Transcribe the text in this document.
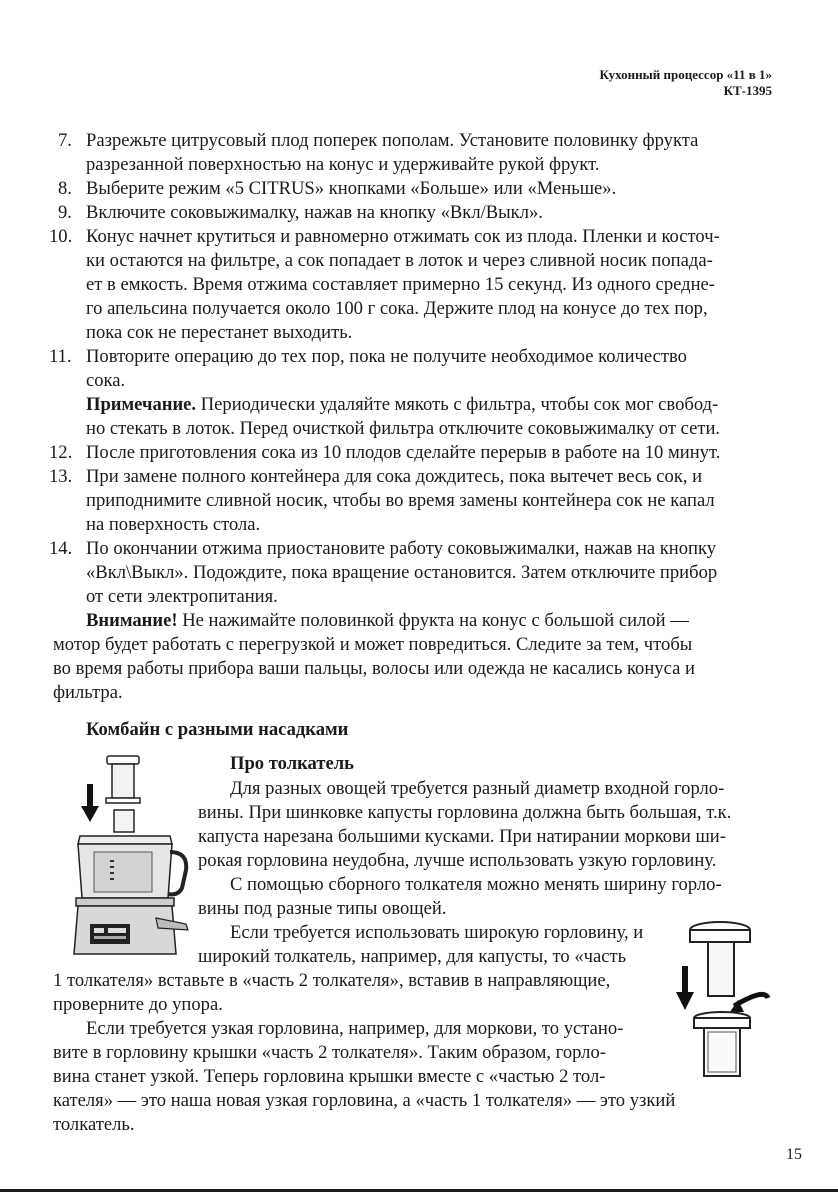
Кухонный процессор «11 в 1»
КТ-1395
7. Разрежьте цитрусовый плод поперек пополам. Установите половинку фрукта
разрезанной поверхностью на конус и удерживайте рукой фрукт.
8. Выберите режим «5 CITRUS» кнопками «Больше» или «Меньше».
9. Включите соковыжималку, нажав на кнопку «Вкл/Выкл».
10. Конус начнет крутиться и равномерно отжимать сок из плода. Пленки и косточ-
ки остаются на фильтре, а сок попадает в лоток и через сливной носик попада-
ет в емкость. Время отжима составляет примерно 15 секунд. Из одного средне-
го апельсина получается около 100 г сока. Держите плод на конусе до тех пор,
пока сок не перестанет выходить.
11. Повторите операцию до тех пор, пока не получите необходимое количество
сока.
Примечание. Периодически удаляйте мякоть с фильтра, чтобы сок мог свобод-
но стекать в лоток. Перед очисткой фильтра отключите соковыжималку от сети.
12. После приготовления сока из 10 плодов сделайте перерыв в работе на 10 минут.
13. При замене полного контейнера для сока дождитесь, пока вытечет весь сок, и
приподнимите сливной носик, чтобы во время замены контейнера сок не капал
на поверхность стола.
14. По окончании отжима приостановите работу соковыжималки, нажав на кнопку
«Вкл\Выкл». Подождите, пока вращение остановится. Затем отключите прибор
от сети электропитания.
Внимание! Не нажимайте половинкой фрукта на конус с большой силой —
мотор будет работать с перегрузкой и может повредиться. Следите за тем, чтобы
во время работы прибора ваши пальцы, волосы или одежда не касались конуса и
фильтра.
Комбайн с разными насадками
Про толкатель
Для разных овощей требуется разный диаметр входной горло-
вины. При шинковке капусты горловина должна быть большая, т.к.
капуста нарезана большими кусками. При натирании моркови ши-
рокая горловина неудобна, лучше использовать узкую горловину.
С помощью сборного толкателя можно менять ширину горло-
вины под разные типы овощей.
Если требуется использовать широкую горловину, и
широкий толкатель, например, для капусты, то «часть
1 толкателя» вставьте в «часть 2 толкателя», вставив в направляющие,
проверните до упора.
Если требуется узкая горловина, например, для моркови, то устано-
вите в горловину крышки «часть 2 толкателя». Таким образом, горло-
вина станет узкой. Теперь горловина крышки вместе с «частью 2 тол-
кателя» — это наша новая узкая горловина, а «часть 1 толкателя» — это узкий
толкатель.
15
